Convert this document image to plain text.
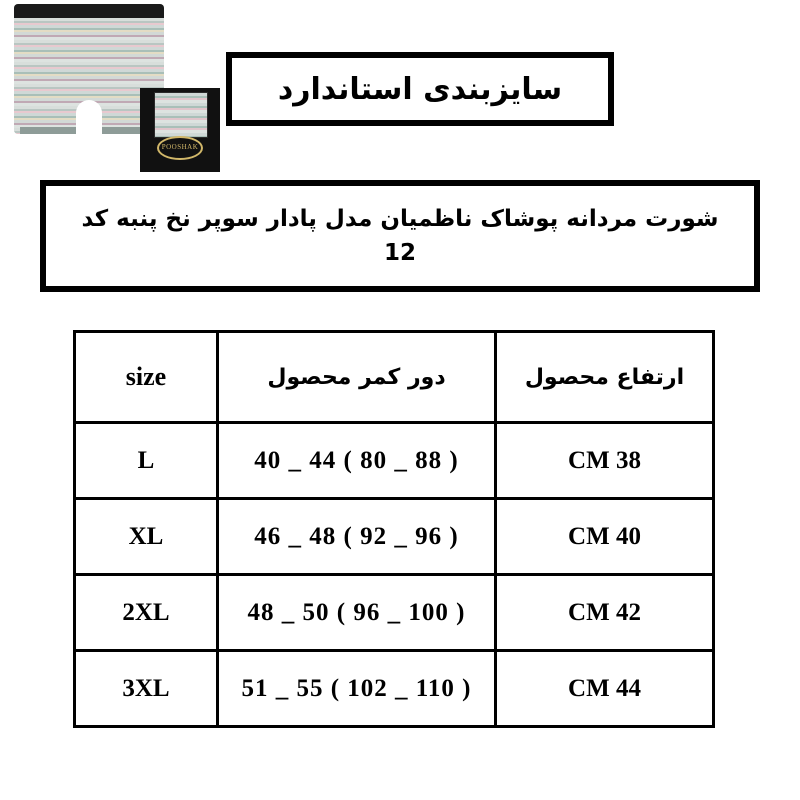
POOSHAK
سایزبندی استاندارد
شورت مردانه پوشاک ناظمیان مدل پادار سوپر نخ پنبه کد 12
ارتفاع محصول	دور کمر محصول	size
38 CM	40 _ 44 ( 80 _ 88 )	L
40 CM	46 _ 48 ( 92 _ 96 )	XL
42 CM	48 _ 50 ( 96 _ 100 )	2XL
44 CM	51 _ 55 ( 102 _ 110 )	3XL
